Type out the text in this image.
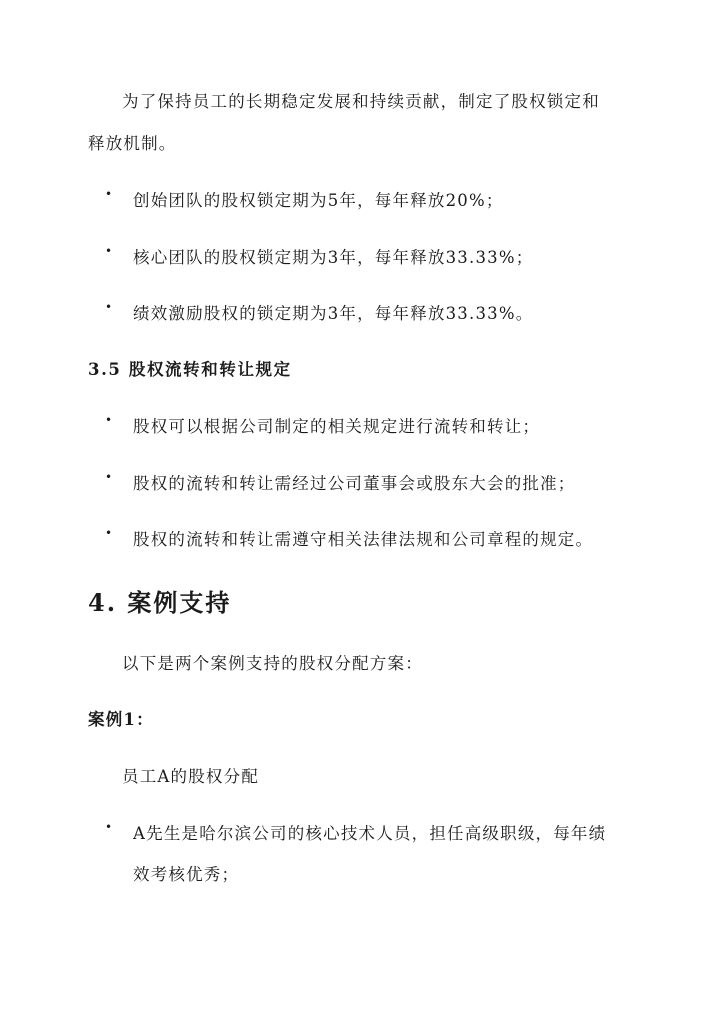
为了保持员工的长期稳定发展和持续贡献，制定了股权锁定和
释放机制。
• 创始团队的股权锁定期为5年，每年释放20%；
• 核心团队的股权锁定期为3年，每年释放33.33%；
• 绩效激励股权的锁定期为3年，每年释放33.33%。
3.5 股权流转和转让规定
• 股权可以根据公司制定的相关规定进行流转和转让；
• 股权的流转和转让需经过公司董事会或股东大会的批准；
• 股权的流转和转让需遵守相关法律法规和公司章程的规定。
4. 案例支持
以下是两个案例支持的股权分配方案：
案例1：
员工A的股权分配
• A先生是哈尔滨公司的核心技术人员，担任高级职级，每年绩
效考核优秀；
